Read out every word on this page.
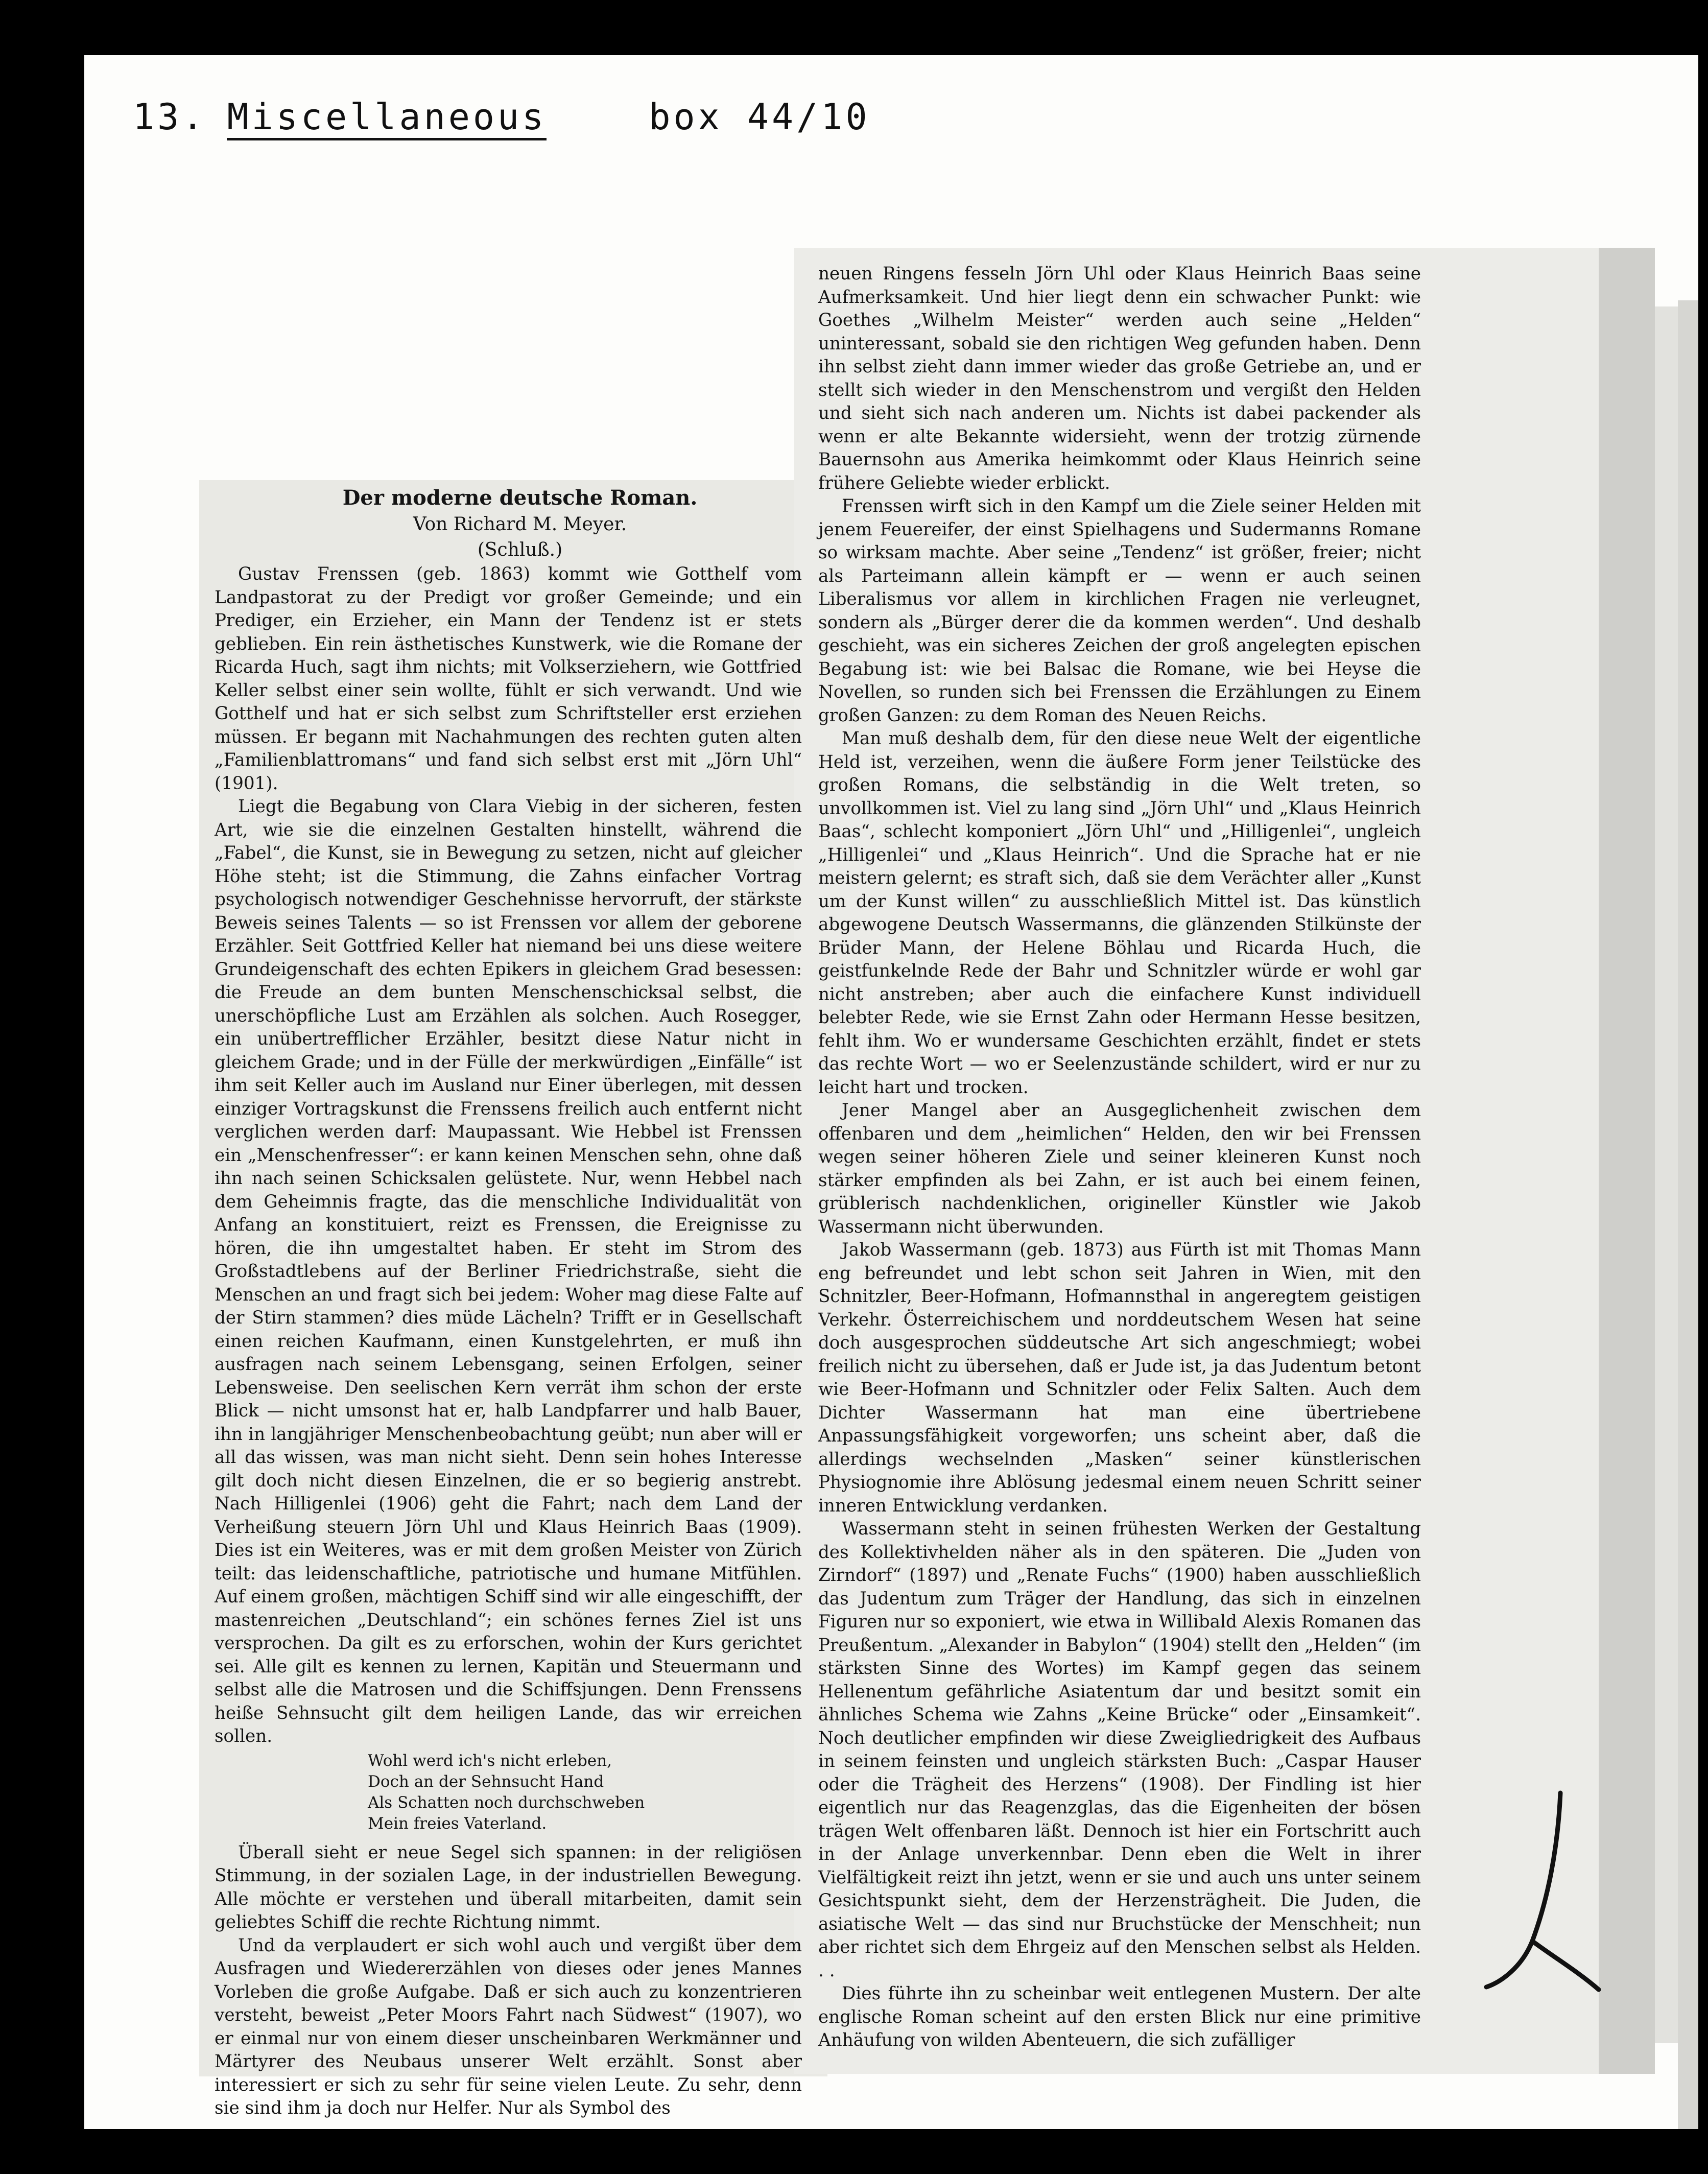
13. Miscellaneous	box 44/10

Der moderne deutsche Roman.

Von Richard M. Meyer.

(Schluß.)

Gustav Frenssen (geb. 1863) kommt wie Gotthelf vom Landpastorat zu der Predigt vor großer Gemeinde; und ein Prediger, ein Erzieher, ein Mann der Tendenz ist er stets geblieben. Ein rein ästhetisches Kunstwerk, wie die Romane der Ricarda Huch, sagt ihm nichts; mit Volkserziehern, wie Gottfried Keller selbst einer sein wollte, fühlt er sich verwandt. Und wie Gotthelf und hat er sich selbst zum Schriftsteller erst erziehen müssen. Er begann mit Nachahmungen des rechten guten alten „Familienblattromans“ und fand sich selbst erst mit „Jörn Uhl“ (1901).

Liegt die Begabung von Clara Viebig in der sicheren, festen Art, wie sie die einzelnen Gestalten hinstellt, während die „Fabel“, die Kunst, sie in Bewegung zu setzen, nicht auf gleicher Höhe steht; ist die Stimmung, die Zahns einfacher Vortrag psychologisch notwendiger Geschehnisse hervorruft, der stärkste Beweis seines Talents — so ist Frenssen vor allem der geborene Erzähler. Seit Gottfried Keller hat niemand bei uns diese weitere Grundeigenschaft des echten Epikers in gleichem Grad besessen: die Freude an dem bunten Menschenschicksal selbst, die unerschöpfliche Lust am Erzählen als solchen. Auch Rosegger, ein unübertrefflicher Erzähler, besitzt diese Natur nicht in gleichem Grade; und in der Fülle der merkwürdigen „Einfälle“ ist ihm seit Keller auch im Ausland nur Einer überlegen, mit dessen einziger Vortragskunst die Frenssens freilich auch entfernt nicht verglichen werden darf: Maupassant. Wie Hebbel ist Frenssen ein „Menschenfresser“: er kann keinen Menschen sehn, ohne daß ihn nach seinen Schicksalen gelüstete. Nur, wenn Hebbel nach dem Geheimnis fragte, das die menschliche Individualität von Anfang an konstituiert, reizt es Frenssen, die Ereignisse zu hören, die ihn umgestaltet haben. Er steht im Strom des Großstadtlebens auf der Berliner Friedrichstraße, sieht die Menschen an und fragt sich bei jedem: Woher mag diese Falte auf der Stirn stammen? dies müde Lächeln? Trifft er in Gesellschaft einen reichen Kaufmann, einen Kunstgelehrten, er muß ihn ausfragen nach seinem Lebensgang, seinen Erfolgen, seiner Lebensweise. Den seelischen Kern verrät ihm schon der erste Blick — nicht umsonst hat er, halb Landpfarrer und halb Bauer, ihn in langjähriger Menschenbeobachtung geübt; nun aber will er all das wissen, was man nicht sieht. Denn sein hohes Interesse gilt doch nicht diesen Einzelnen, die er so begierig anstrebt. Nach Hilligenlei (1906) geht die Fahrt; nach dem Land der Verheißung steuern Jörn Uhl und Klaus Heinrich Baas (1909). Dies ist ein Weiteres, was er mit dem großen Meister von Zürich teilt: das leidenschaftliche, patriotische und humane Mitfühlen. Auf einem großen, mächtigen Schiff sind wir alle eingeschifft, der mastenreichen „Deutschland“; ein schönes fernes Ziel ist uns versprochen. Da gilt es zu erforschen, wohin der Kurs gerichtet sei. Alle gilt es kennen zu lernen, Kapitän und Steuermann und selbst alle die Matrosen und die Schiffsjungen. Denn Frenssens heiße Sehnsucht gilt dem heiligen Lande, das wir erreichen sollen.

Wohl werd ich's nicht erleben,
Doch an der Sehnsucht Hand
Als Schatten noch durchschweben
Mein freies Vaterland.

Überall sieht er neue Segel sich spannen: in der religiösen Stimmung, in der sozialen Lage, in der industriellen Bewegung. Alle möchte er verstehen und überall mitarbeiten, damit sein geliebtes Schiff die rechte Richtung nimmt.

Und da verplaudert er sich wohl auch und vergißt über dem Ausfragen und Wiedererzählen von dieses oder jenes Mannes Vorleben die große Aufgabe. Daß er sich auch zu konzentrieren versteht, beweist „Peter Moors Fahrt nach Südwest“ (1907), wo er einmal nur von einem dieser unscheinbaren Werkmänner und Märtyrer des Neubaus unserer Welt erzählt. Sonst aber interessiert er sich zu sehr für seine vielen Leute. Zu sehr, denn sie sind ihm ja doch nur Helfer. Nur als Symbol des

neuen Ringens fesseln Jörn Uhl oder Klaus Heinrich Baas seine Aufmerksamkeit. Und hier liegt denn ein schwacher Punkt: wie Goethes „Wilhelm Meister“ werden auch seine „Helden“ uninteressant, sobald sie den richtigen Weg gefunden haben. Denn ihn selbst zieht dann immer wieder das große Getriebe an, und er stellt sich wieder in den Menschenstrom und vergißt den Helden und sieht sich nach anderen um. Nichts ist dabei packender als wenn er alte Bekannte widersieht, wenn der trotzig zürnende Bauernsohn aus Amerika heimkommt oder Klaus Heinrich seine frühere Geliebte wieder erblickt.

Frenssen wirft sich in den Kampf um die Ziele seiner Helden mit jenem Feuereifer, der einst Spielhagens und Sudermanns Romane so wirksam machte. Aber seine „Tendenz“ ist größer, freier; nicht als Parteimann allein kämpft er — wenn er auch seinen Liberalismus vor allem in kirchlichen Fragen nie verleugnet, sondern als „Bürger derer die da kommen werden“. Und deshalb geschieht, was ein sicheres Zeichen der groß angelegten epischen Begabung ist: wie bei Balsac die Romane, wie bei Heyse die Novellen, so runden sich bei Frenssen die Erzählungen zu Einem großen Ganzen: zu dem Roman des Neuen Reichs.

Man muß deshalb dem, für den diese neue Welt der eigentliche Held ist, verzeihen, wenn die äußere Form jener Teilstücke des großen Romans, die selbständig in die Welt treten, so unvollkommen ist. Viel zu lang sind „Jörn Uhl“ und „Klaus Heinrich Baas“, schlecht komponiert „Jörn Uhl“ und „Hilligenlei“, ungleich „Hilligenlei“ und „Klaus Heinrich“. Und die Sprache hat er nie meistern gelernt; es straft sich, daß sie dem Verächter aller „Kunst um der Kunst willen“ zu ausschließlich Mittel ist. Das künstlich abgewogene Deutsch Wassermanns, die glänzenden Stilkünste der Brüder Mann, der Helene Böhlau und Ricarda Huch, die geistfunkelnde Rede der Bahr und Schnitzler würde er wohl gar nicht anstreben; aber auch die einfachere Kunst individuell belebter Rede, wie sie Ernst Zahn oder Hermann Hesse besitzen, fehlt ihm. Wo er wundersame Geschichten erzählt, findet er stets das rechte Wort — wo er Seelenzustände schildert, wird er nur zu leicht hart und trocken.

Jener Mangel aber an Ausgeglichenheit zwischen dem offenbaren und dem „heimlichen“ Helden, den wir bei Frenssen wegen seiner höheren Ziele und seiner kleineren Kunst noch stärker empfinden als bei Zahn, er ist auch bei einem feinen, grüblerisch nachdenklichen, origineller Künstler wie Jakob Wassermann nicht überwunden.

Jakob Wassermann (geb. 1873) aus Fürth ist mit Thomas Mann eng befreundet und lebt schon seit Jahren in Wien, mit den Schnitzler, Beer-Hofmann, Hofmannsthal in angeregtem geistigen Verkehr. Österreichischem und norddeutschem Wesen hat seine doch ausgesprochen süddeutsche Art sich angeschmiegt; wobei freilich nicht zu übersehen, daß er Jude ist, ja das Judentum betont wie Beer-Hofmann und Schnitzler oder Felix Salten. Auch dem Dichter Wassermann hat man eine übertriebene Anpassungsfähigkeit vorgeworfen; uns scheint aber, daß die allerdings wechselnden „Masken“ seiner künstlerischen Physiognomie ihre Ablösung jedesmal einem neuen Schritt seiner inneren Entwicklung verdanken.

Wassermann steht in seinen frühesten Werken der Gestaltung des Kollektivhelden näher als in den späteren. Die „Juden von Zirndorf“ (1897) und „Renate Fuchs“ (1900) haben ausschließlich das Judentum zum Träger der Handlung, das sich in einzelnen Figuren nur so exponiert, wie etwa in Willibald Alexis Romanen das Preußentum. „Alexander in Babylon“ (1904) stellt den „Helden“ (im stärksten Sinne des Wortes) im Kampf gegen das seinem Hellenentum gefährliche Asiatentum dar und besitzt somit ein ähnliches Schema wie Zahns „Keine Brücke“ oder „Einsamkeit“. Noch deutlicher empfinden wir diese Zweigliedrigkeit des Aufbaus in seinem feinsten und ungleich stärksten Buch: „Caspar Hauser oder die Trägheit des Herzens“ (1908). Der Findling ist hier eigentlich nur das Reagenzglas, das die Eigenheiten der bösen trägen Welt offenbaren läßt. Dennoch ist hier ein Fortschritt auch in der Anlage unverkennbar. Denn eben die Welt in ihrer Vielfältigkeit reizt ihn jetzt, wenn er sie und auch uns unter seinem Gesichtspunkt sieht, dem der Herzensträgheit. Die Juden, die asiatische Welt — das sind nur Bruchstücke der Menschheit; nun aber richtet sich dem Ehrgeiz auf den Menschen selbst als Helden. . .

Dies führte ihn zu scheinbar weit entlegenen Mustern. Der alte englische Roman scheint auf den ersten Blick nur eine primitive Anhäufung von wilden Abenteuern, die sich zufälliger
